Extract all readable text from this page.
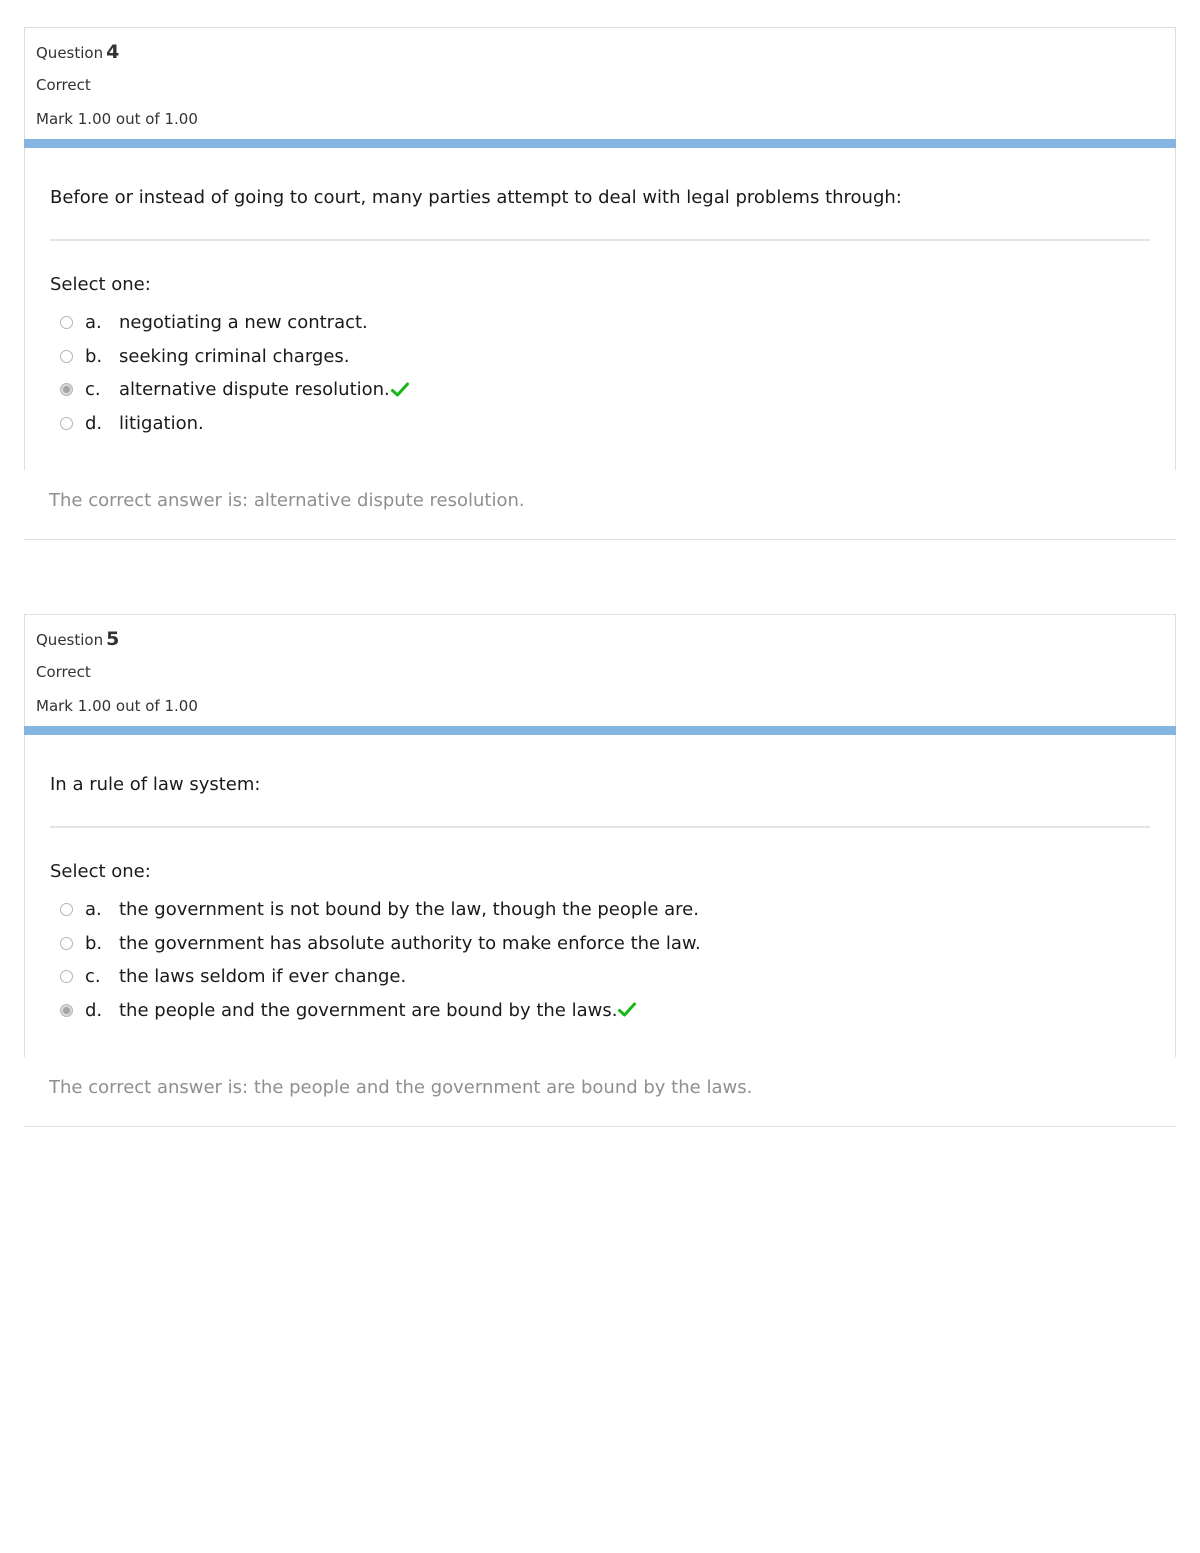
Question 4
Correct
Mark 1.00 out of 1.00
Before or instead of going to court, many parties attempt to deal with legal problems through:
Select one:
a. negotiating a new contract.
b. seeking criminal charges.
c.	alternative dispute resolution.
d. litigation.
The correct answer is: alternative dispute resolution.
Question 5
Correct
Mark 1.00 out of 1.00
In a rule of law system:
Select one:
a. the government is not bound by the law, though the people are.
b. the government has absolute authority to make enforce the law.
c.	the laws seldom if ever change.
d. the people and the government are bound by the laws.
The correct answer is: the people and the government are bound by the laws.
